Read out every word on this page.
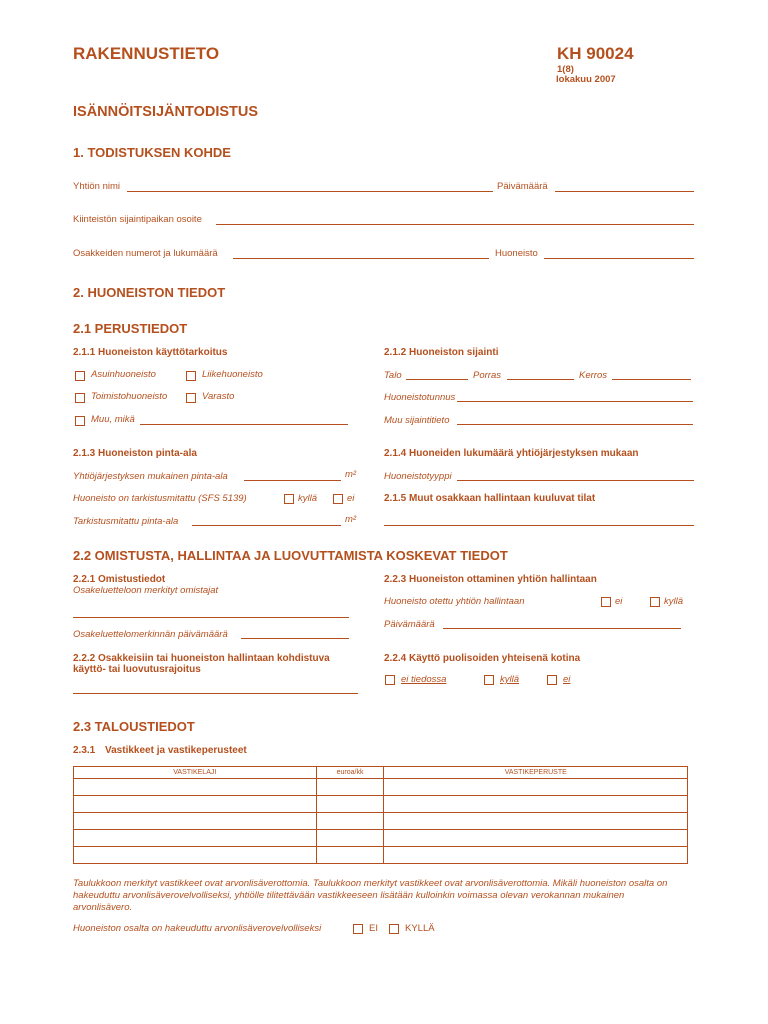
RAKENNUSTIETO	KH 90024
1(8)
lokakuu 2007
ISÄNNÖITSIJÄNTODISTUS
1. TODISTUKSEN KOHDE
Yhtiön nimi	Päivämäärä
Kiinteistön sijaintipaikan osoite
Osakkeiden numerot ja lukumäärä	Huoneisto
2. HUONEISTON TIEDOT
2.1 PERUSTIEDOT
2.1.1 Huoneiston käyttötarkoitus
Asuinhuoneisto	Liikehuoneisto
Toimistohuoneisto	Varasto
Muu, mikä
2.1.2 Huoneiston sijainti
Talo	Porras	Kerros
Huoneistotunnus
Muu sijaintitieto
2.1.3 Huoneiston pinta-ala
Yhtiöjärjestyksen mukainen pinta-ala	m²
Huoneisto on tarkistusmitattu (SFS 5139)	kyllä	ei
Tarkistusmitattu pinta-ala	m²
2.1.4 Huoneiden lukumäärä yhtiöjärjestyksen mukaan
Huoneistotyyppi
2.1.5 Muut osakkaan hallintaan kuuluvat tilat
2.2 OMISTUSTA, HALLINTAA JA LUOVUTTAMISTA KOSKEVAT TIEDOT
2.2.1 Omistustiedot
Osakeluetteloon merkityt omistajat
Osakeluettelomerkinnän päivämäärä
2.2.2 Osakkeisiin tai huoneiston hallintaan kohdistuva
käyttö- tai luovutusrajoitus
2.2.3 Huoneiston ottaminen yhtiön hallintaan
Huoneisto otettu yhtiön hallintaan	ei	kyllä
Päivämäärä
2.2.4 Käyttö puolisoiden yhteisenä kotina
ei tiedossa	kyllä	ei
2.3 TALOUSTIEDOT
2.3.1 Vastikkeet ja vastikeperusteet
VASTIKELAJI	euroa/kk	VASTIKEPERUSTE

Taulukkoon merkityt vastikkeet ovat arvonlisäverottomia. Taulukkoon merkityt vastikkeet ovat arvonlisäverottomia. Mikäli huoneiston osalta on hakeuduttu arvonlisäverovelvolliseksi, yhtiölle tilitettävään vastikkeeseen lisätään kulloinkin voimassa olevan verokannan mukainen arvonlisävero.
Huoneiston osalta on hakeuduttu arvonlisäverovelvolliseksi	EI	KYLLÄ
